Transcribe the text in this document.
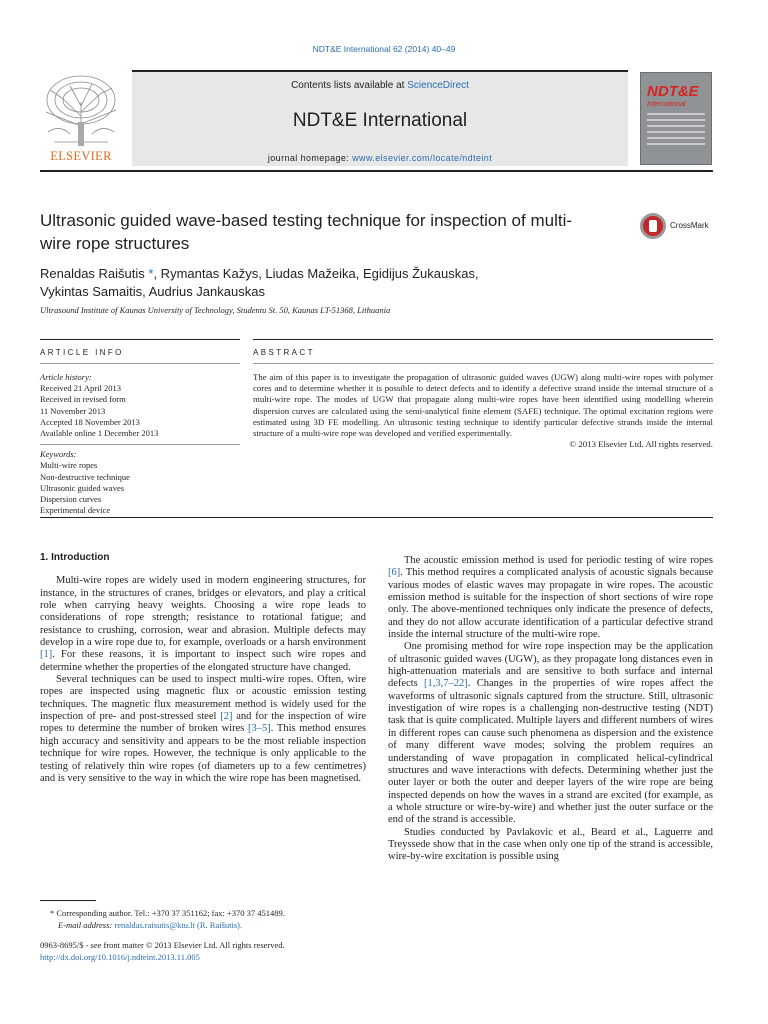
NDT&E International 62 (2014) 40–49
ELSEVIER
Contents lists available at ScienceDirect
NDT&E International
journal homepage: www.elsevier.com/locate/ndteint
NDT&E
International
Ultrasonic guided wave-based testing technique for inspection of multi-wire rope structures
CrossMark
Renaldas Raišutis *, Rymantas Kažys, Liudas Mažeika, Egidijus Žukauskas,
Vykintas Samaitis, Audrius Jankauskas
Ultrasound Institute of Kaunas University of Technology, Studentu St. 50, Kaunas LT-51368, Lithuania
ARTICLE INFO	ABSTRACT
Article history:
Received 21 April 2013
Received in revised form
11 November 2013
Accepted 18 November 2013
Available online 1 December 2013
Keywords:
Multi-wire ropes
Non-destructive technique
Ultrasonic guided waves
Dispersion curves
Experimental device
The aim of this paper is to investigate the propagation of ultrasonic guided waves (UGW) along multi-wire ropes with polymer cores and to determine whether it is possible to detect defects and to identify a defective strand inside the internal structure of a multi-wire rope. The modes of UGW that propagate along multi-wire ropes have been identified using modelling wherein dispersion curves are calculated using the semi-analytical finite element (SAFE) technique. The optimal excitation regions were estimated using 3D FE modelling. An ultrasonic testing technique to identify particular defective strands inside the internal structure of a multi-wire rope was developed and verified experimentally.
© 2013 Elsevier Ltd. All rights reserved.
1. Introduction

Multi-wire ropes are widely used in modern engineering structures, for instance, in the structures of cranes, bridges or elevators, and play a critical role when carrying heavy weights. Choosing a wire rope leads to considerations of rope strength; resistance to rotational fatigue; and resistance to crushing, corrosion, wear and abrasion. Multiple defects may develop in a wire rope due to, for example, overloads or a harsh environment [1]. For these reasons, it is important to inspect such wire ropes and determine whether the properties of the elongated structure have changed.

Several techniques can be used to inspect multi-wire ropes. Often, wire ropes are inspected using magnetic flux or acoustic emission testing techniques. The magnetic flux measurement method is widely used for the inspection of pre- and post-stressed steel [2] and for the inspection of wire ropes to determine the number of broken wires [3–5]. This method ensures high accuracy and sensitivity and appears to be the most reliable inspection technique for wire ropes. However, the technique is only applicable to the testing of relatively thin wire ropes (of diameters up to a few centimetres) and is very sensitive to the way in which the wire rope has been magnetised.

The acoustic emission method is used for periodic testing of wire ropes [6]. This method requires a complicated analysis of acoustic signals because various modes of elastic waves may propagate in wire ropes. The acoustic emission method is suitable for the inspection of short sections of wire rope only. The above-mentioned techniques only indicate the presence of defects, and they do not allow accurate identification of a particular defective strand inside the internal structure of the multi-wire rope.

One promising method for wire rope inspection may be the application of ultrasonic guided waves (UGW), as they propagate long distances even in high-attenuation materials and are sensitive to both surface and internal defects [1,3,7–22]. Changes in the properties of wire ropes affect the waveforms of ultrasonic signals captured from the structure. Still, ultrasonic investigation of wire ropes is a challenging non-destructive testing (NDT) task that is quite complicated. Multiple layers and different numbers of wires in different ropes can cause such phenomena as dispersion and the existence of many different wave modes; solving the problem requires an understanding of wave propagation in complicated helical-cylindrical structures and wave interactions with defects. Determining whether just the outer layer or both the outer and deeper layers of the wire rope are being inspected depends on how the waves in a strand are excited (for example, as a whole structure or wire-by-wire) and whether just the outer surface or the end of the strand is accessible.

Studies conducted by Pavlakovic et al., Beard et al., Laguerre and Treyssede show that in the case when only one tip of the strand is accessible, wire-by-wire excitation is possible using

* Corresponding author. Tel.: +370 37 351162; fax: +370 37 451489.
E-mail address: renaldas.raisutis@ktu.lt (R. Raišutis).
0963-8695/$ - see front matter © 2013 Elsevier Ltd. All rights reserved.
http://dx.doi.org/10.1016/j.ndteint.2013.11.005
